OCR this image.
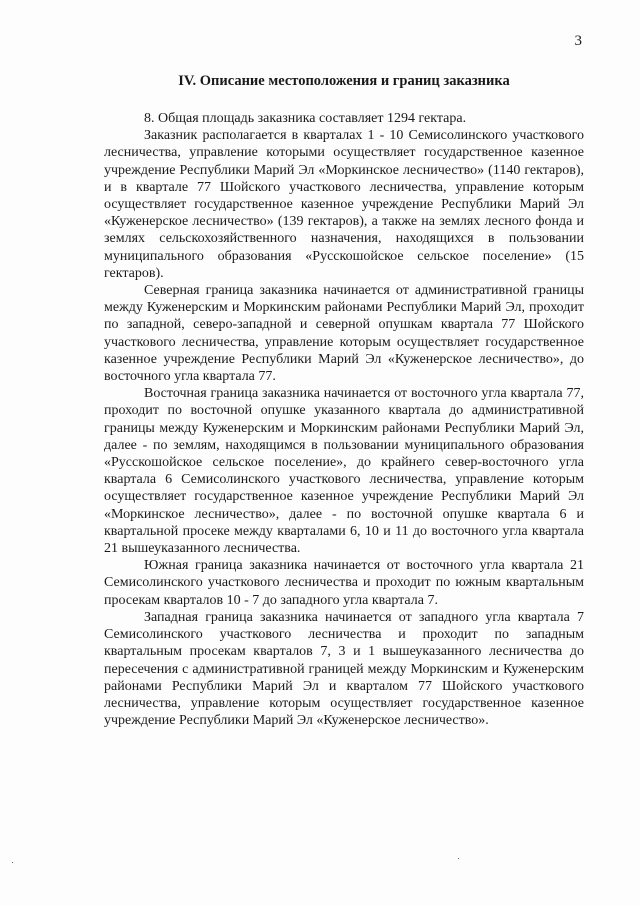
3
IV. Описание местоположения и границ заказника

8. Общая площадь заказника составляет 1294 гектара.

Заказник располагается в кварталах 1 - 10 Семисолинского участкового лесничества, управление которыми осуществляет государственное казенное учреждение Республики Марий Эл «Моркинское лесничество» (1140 гектаров), и в квартале 77 Шойского участкового лесничества, управление которым осуществляет государственное казенное учреждение Республики Марий Эл «Куженерское лесничество» (139 гектаров), а также на землях лесного фонда и землях сельскохозяйственного назначения, находящихся в пользовании муниципального образования «Русскошойское сельское поселение» (15 гектаров).

Северная граница заказника начинается от административной границы между Куженерским и Моркинским районами Республики Марий Эл, проходит по западной, северо-западной и северной опушкам квартала 77 Шойского участкового лесничества, управление которым осуществляет государственное казенное учреждение Республики Марий Эл «Куженерское лесничество», до восточного угла квартала 77.

Восточная граница заказника начинается от восточного угла квартала 77, проходит по восточной опушке указанного квартала до административной границы между Куженерским и Моркинским районами Республики Марий Эл, далее - по землям, находящимся в пользовании муниципального образования «Русскошойское сельское поселение», до крайнего север-восточного угла квартала 6 Семисолинского участкового лесничества, управление которым осуществляет государственное казенное учреждение Республики Марий Эл «Моркинское лесничество», далее - по восточной опушке квартала 6 и квартальной просеке между кварталами 6, 10 и 11 до восточного угла квартала 21 вышеуказанного лесничества.

Южная граница заказника начинается от восточного угла квартала 21 Семисолинского участкового лесничества и проходит по южным квартальным просекам кварталов 10 - 7 до западного угла квартала 7.

Западная граница заказника начинается от западного угла квартала 7 Семисолинского участкового лесничества и проходит по западным квартальным просекам кварталов 7, 3 и 1 вышеуказанного лесничества до пересечения с административной границей между Моркинским и Куженерским районами Республики Марий Эл и кварталом 77 Шойского участкового лесничества, управление которым осуществляет государственное казенное учреждение Республики Марий Эл «Куженерское лесничество».
